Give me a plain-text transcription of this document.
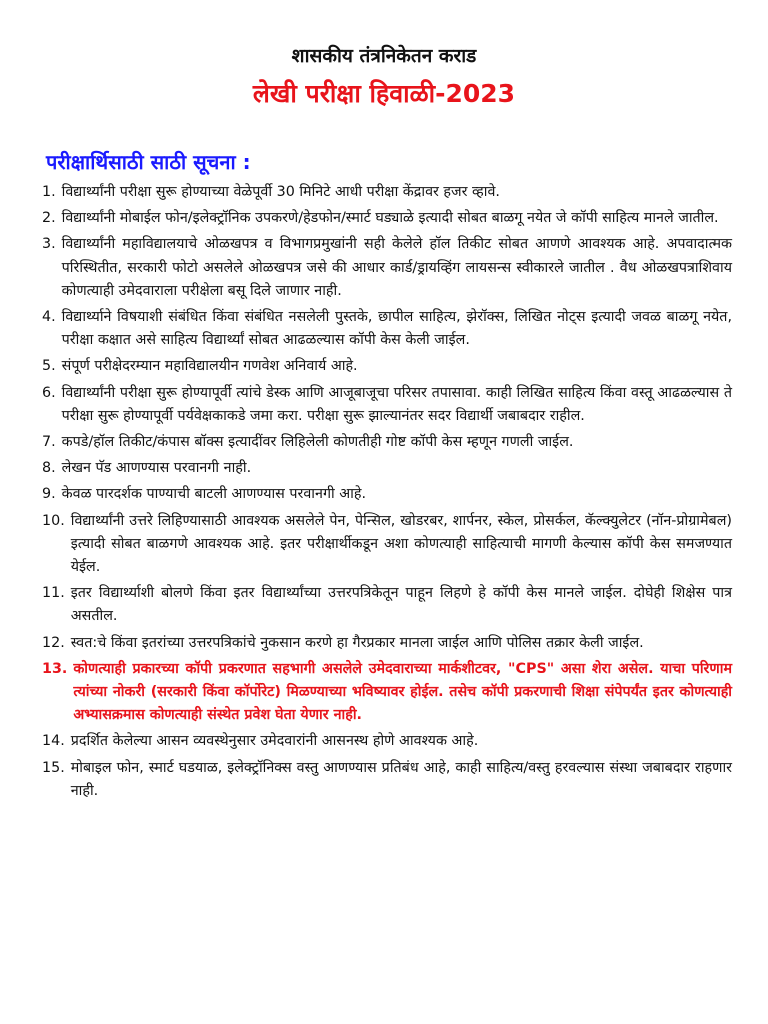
शासकीय तंत्रनिकेतन कराड
लेखी परीक्षा हिवाळी-2023
परीक्षार्थिसाठी साठी सूचना :
1. विद्यार्थ्यांनी परीक्षा सुरू होण्याच्या वेळेपूर्वी 30 मिनिटे आधी परीक्षा केंद्रावर हजर व्हावे.
2. विद्यार्थ्यांनी मोबाईल फोन/इलेक्ट्रॉनिक उपकरणे/हेडफोन/स्मार्ट घड्याळे इत्यादी सोबत बाळगू नयेत जे कॉपी साहित्य मानले जातील.
3. विद्यार्थ्यांनी महाविद्यालयाचे ओळखपत्र व विभागप्रमुखांनी सही केलेले हॉल तिकीट सोबत आणणे आवश्यक आहे. अपवादात्मक परिस्थितीत, सरकारी फोटो असलेले ओळखपत्र जसे की आधार कार्ड/ड्रायव्हिंग लायसन्स स्वीकारले जातील . वैध ओळखपत्राशिवाय कोणत्याही उमेदवाराला परीक्षेला बसू दिले जाणार नाही.
4. विद्यार्थ्याने विषयाशी संबंधित किंवा संबंधित नसलेली पुस्तके, छापील साहित्य, झेरॉक्स, लिखित नोट्स इत्यादी जवळ बाळगू नयेत, परीक्षा कक्षात असे साहित्य विद्यार्थ्यां सोबत आढळल्यास कॉपी केस केली जाईल.
5. संपूर्ण परीक्षेदरम्यान महाविद्यालयीन गणवेश अनिवार्य आहे.
6. विद्यार्थ्यांनी परीक्षा सुरू होण्यापूर्वी त्यांचे डेस्क आणि आजूबाजूचा परिसर तपासावा. काही लिखित साहित्य किंवा वस्तू आढळल्यास ते परीक्षा सुरू होण्यापूर्वी पर्यवेक्षकाकडे जमा करा. परीक्षा सुरू झाल्यानंतर सदर विद्यार्थी जबाबदार राहील.
7. कपडे/हॉल तिकीट/कंपास बॉक्स इत्यादींवर लिहिलेली कोणतीही गोष्ट कॉपी केस म्हणून गणली जाईल.
8. लेखन पॅड आणण्यास परवानगी नाही.
9. केवळ पारदर्शक पाण्याची बाटली आणण्यास परवानगी आहे.
10. विद्यार्थ्यांनी उत्तरे लिहिण्यासाठी आवश्यक असलेले पेन, पेन्सिल, खोडरबर, शार्पनर, स्केल, प्रोसर्कल, कॅल्क्युलेटर (नॉन-प्रोग्रामेबल) इत्यादी सोबत बाळगणे आवश्यक आहे. इतर परीक्षार्थीकडून अशा कोणत्याही साहित्याची मागणी केल्यास कॉपी केस समजण्यात येईल.
11. इतर विद्यार्थ्याशी बोलणे किंवा इतर विद्यार्थ्यांच्या उत्तरपत्रिकेतून पाहून लिहणे हे कॉपी केस मानले जाईल. दोघेही शिक्षेस पात्र असतील.
12. स्वत:चे किंवा इतरांच्या उत्तरपत्रिकांचे नुकसान करणे हा गैरप्रकार मानला जाईल आणि पोलिस तक्रार केली जाईल.
13. कोणत्याही प्रकारच्या कॉपी प्रकरणात सहभागी असलेले उमेदवाराच्या मार्कशीटवर, "CPS" असा शेरा असेल. याचा परिणाम त्यांच्या नोकरी (सरकारी किंवा कॉर्पोरेट) मिळण्याच्या भविष्यावर होईल. तसेच कॉपी प्रकरणाची शिक्षा संपेपर्यंत इतर कोणत्याही अभ्यासक्रमास कोणत्याही संस्थेत प्रवेश घेता येणार नाही.
14. प्रदर्शित केलेल्या आसन व्यवस्थेनुसार उमेदवारांनी आसनस्थ होणे आवश्यक आहे.
15. मोबाइल फोन, स्मार्ट घडयाळ, इलेक्ट्रॉनिक्स वस्तु आणण्यास प्रतिबंध आहे, काही साहित्य/वस्तु हरवल्यास संस्था जबाबदार राहणार नाही.
